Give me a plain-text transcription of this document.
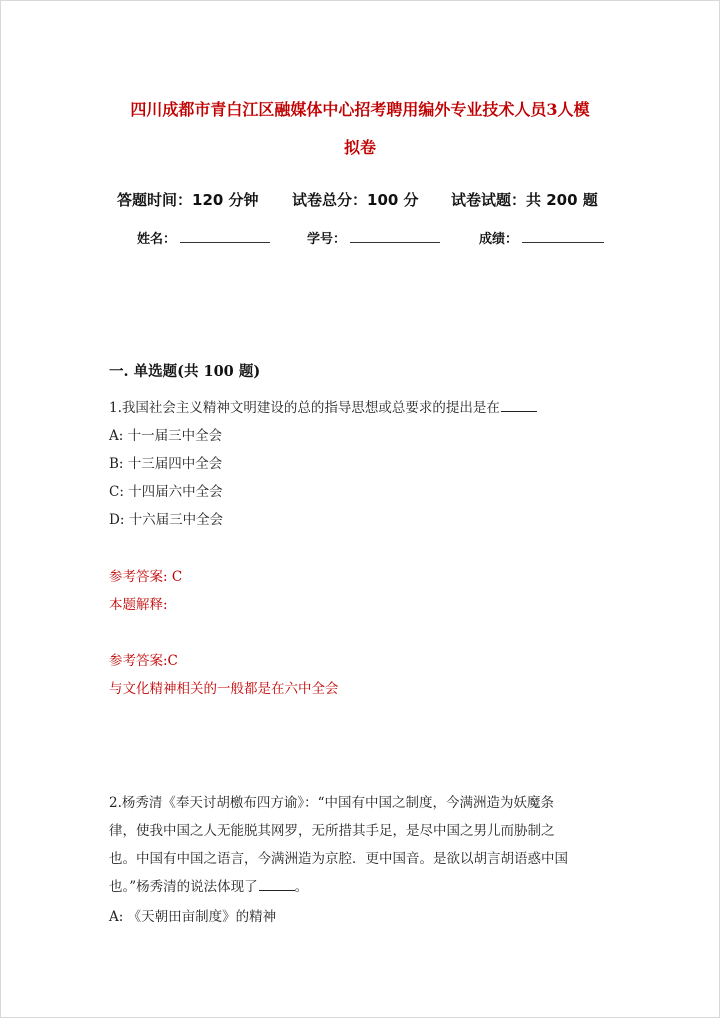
四川成都市青白江区融媒体中心招考聘用编外专业技术人员3人模
拟卷
答题时间：120 分钟 试卷总分：100 分 试卷试题：共 200 题
姓名：	学号：	成绩：
一. 单选题(共 100 题)
1.我国社会主义精神文明建设的总的指导思想或总要求的提出是在
A: 十一届三中全会
B: 十三届四中全会
C: 十四届六中全会
D: 十六届三中全会
参考答案: C
本题解释:
参考答案:C
与文化精神相关的一般都是在六中全会
2.杨秀清《奉天讨胡檄布四方谕》：“中国有中国之制度，今满洲造为妖魔条
律，使我中国之人无能脱其网罗，无所措其手足，是尽中国之男儿而胁制之
也。中国有中国之语言，今满洲造为京腔．更中国音。是欲以胡言胡语惑中国
也。”杨秀清的说法体现了	。
A: 《天朝田亩制度》的精神
